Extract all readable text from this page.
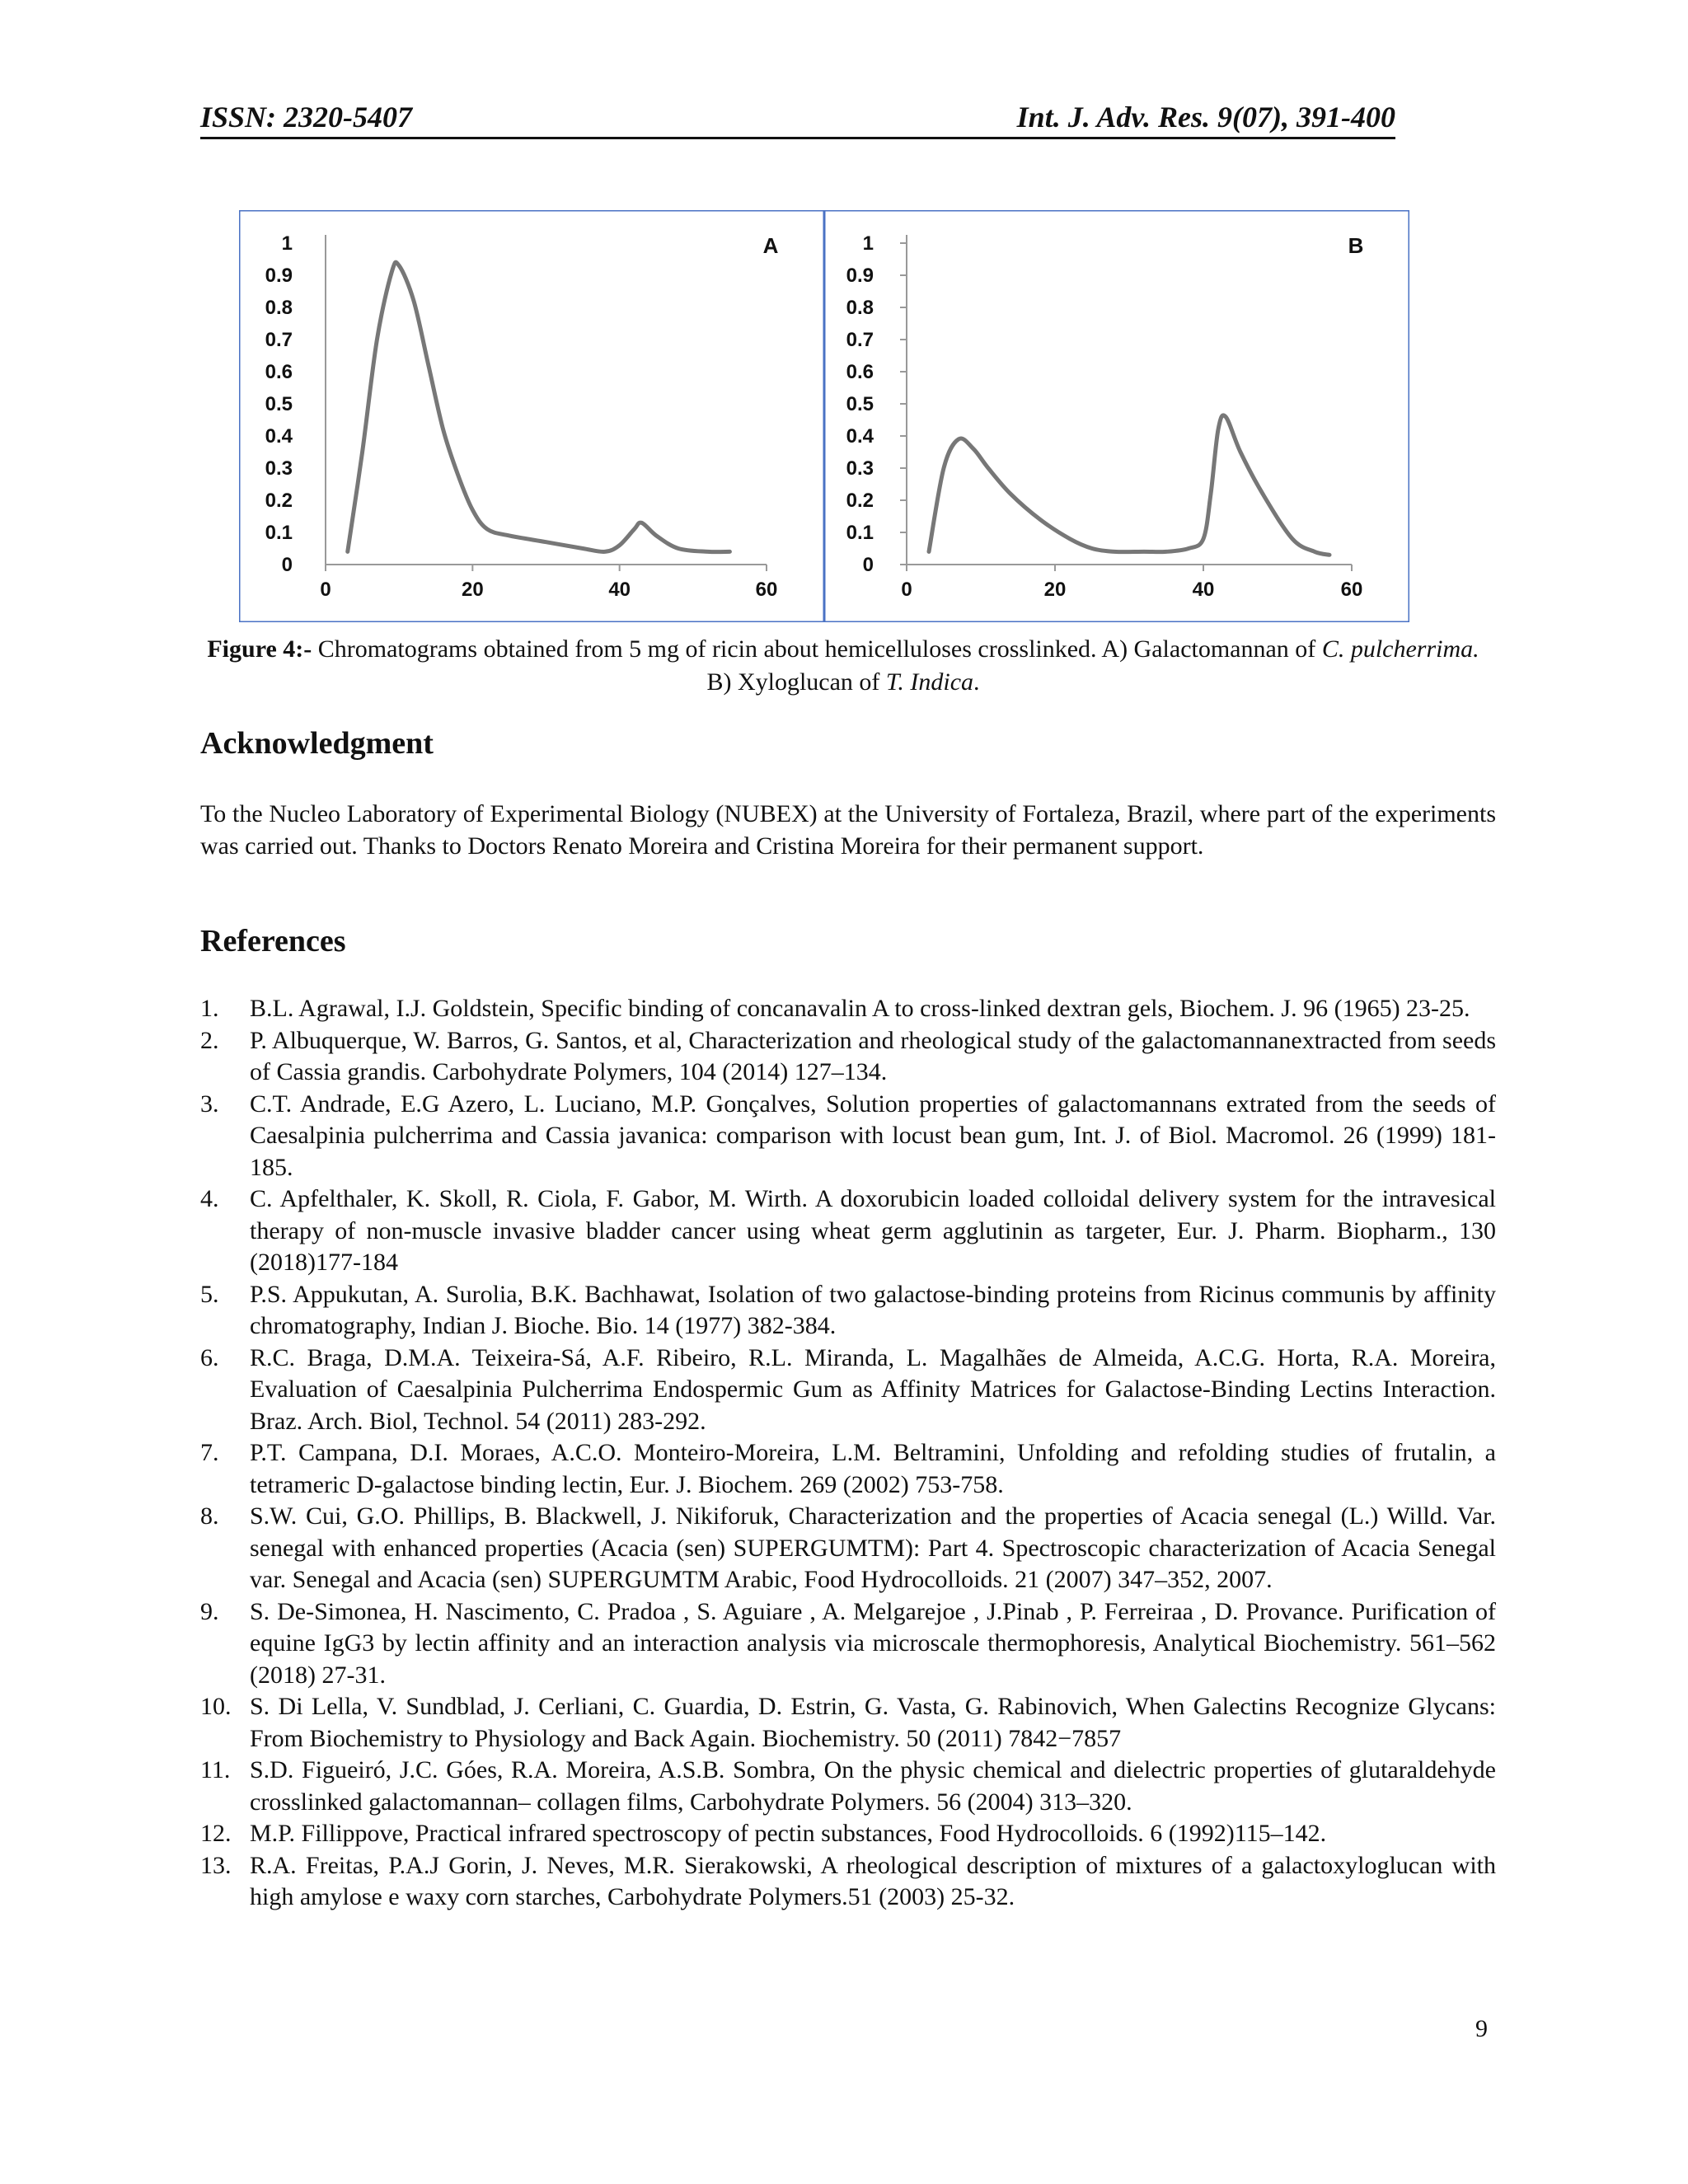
ISSN: 2320-5407	Int. J. Adv. Res. 9(07), 391-400
0
0.1
0.2
0.3
0.4
0.5
0.6
0.7
0.8
0.9
1
0	20	40	60
A
0
0.1
0.2
0.3
0.4
0.5
0.6
0.7
0.8
0.9
1
0	20	40	60
B
Figure 4:- Chromatograms obtained from 5 mg of ricin about hemicelluloses crosslinked. A) Galactomannan of C. pulcherrima. B) Xyloglucan of T. Indica.
Acknowledgment
To the Nucleo Laboratory of Experimental Biology (NUBEX) at the University of Fortaleza, Brazil, where part of the experiments was carried out. Thanks to Doctors Renato Moreira and Cristina Moreira for their permanent support.
References
1. B.L. Agrawal, I.J. Goldstein, Specific binding of concanavalin A to cross-linked dextran gels, Biochem. J. 96 (1965) 23-25.
2. P. Albuquerque, W. Barros, G. Santos, et al, Characterization and rheological study of the galactomannanextracted from seeds of Cassia grandis. Carbohydrate Polymers, 104 (2014) 127–134.
3. C.T. Andrade, E.G Azero, L. Luciano, M.P. Gonçalves, Solution properties of galactomannans extrated from the seeds of Caesalpinia pulcherrima and Cassia javanica: comparison with locust bean gum, Int. J. of Biol. Macromol. 26 (1999) 181-185.
4. C. Apfelthaler, K. Skoll, R. Ciola, F. Gabor, M. Wirth. A doxorubicin loaded colloidal delivery system for the intravesical therapy of non-muscle invasive bladder cancer using wheat germ agglutinin as targeter, Eur. J. Pharm. Biopharm., 130 (2018)177-184
5. P.S. Appukutan, A. Surolia, B.K. Bachhawat, Isolation of two galactose-binding proteins from Ricinus communis by affinity chromatography, Indian J. Bioche. Bio. 14 (1977) 382-384.
6. R.C. Braga, D.M.A. Teixeira-Sá, A.F. Ribeiro, R.L. Miranda, L. Magalhães de Almeida, A.C.G. Horta, R.A. Moreira, Evaluation of Caesalpinia Pulcherrima Endospermic Gum as Affinity Matrices for Galactose-Binding Lectins Interaction. Braz. Arch. Biol, Technol. 54 (2011) 283-292.
7. P.T. Campana, D.I. Moraes, A.C.O. Monteiro-Moreira, L.M. Beltramini, Unfolding and refolding studies of frutalin, a tetrameric D-galactose binding lectin, Eur. J. Biochem. 269 (2002) 753-758.
8. S.W. Cui, G.O. Phillips, B. Blackwell, J. Nikiforuk, Characterization and the properties of Acacia senegal (L.) Willd. Var. senegal with enhanced properties (Acacia (sen) SUPERGUMTM): Part 4. Spectroscopic characterization of Acacia Senegal var. Senegal and Acacia (sen) SUPERGUMTM Arabic, Food Hydrocolloids. 21 (2007) 347–352, 2007.
9. S. De-Simonea, H. Nascimento, C. Pradoa , S. Aguiare , A. Melgarejoe , J.Pinab , P. Ferreiraa , D. Provance. Purification of equine IgG3 by lectin affinity and an interaction analysis via microscale thermophoresis, Analytical Biochemistry. 561–562 (2018) 27-31.
10. S. Di Lella, V. Sundblad, J. Cerliani, C. Guardia, D. Estrin, G. Vasta, G. Rabinovich, When Galectins Recognize Glycans: From Biochemistry to Physiology and Back Again. Biochemistry. 50 (2011) 7842−7857
11. S.D. Figueiró, J.C. Góes, R.A. Moreira, A.S.B. Sombra, On the physic chemical and dielectric properties of glutaraldehyde crosslinked galactomannan– collagen films, Carbohydrate Polymers. 56 (2004) 313–320.
12. M.P. Fillippove, Practical infrared spectroscopy of pectin substances, Food Hydrocolloids. 6 (1992)115–142.
13. R.A. Freitas, P.A.J Gorin, J. Neves, M.R. Sierakowski, A rheological description of mixtures of a galactoxyloglucan with high amylose e waxy corn starches, Carbohydrate Polymers.51 (2003) 25-32.
9
